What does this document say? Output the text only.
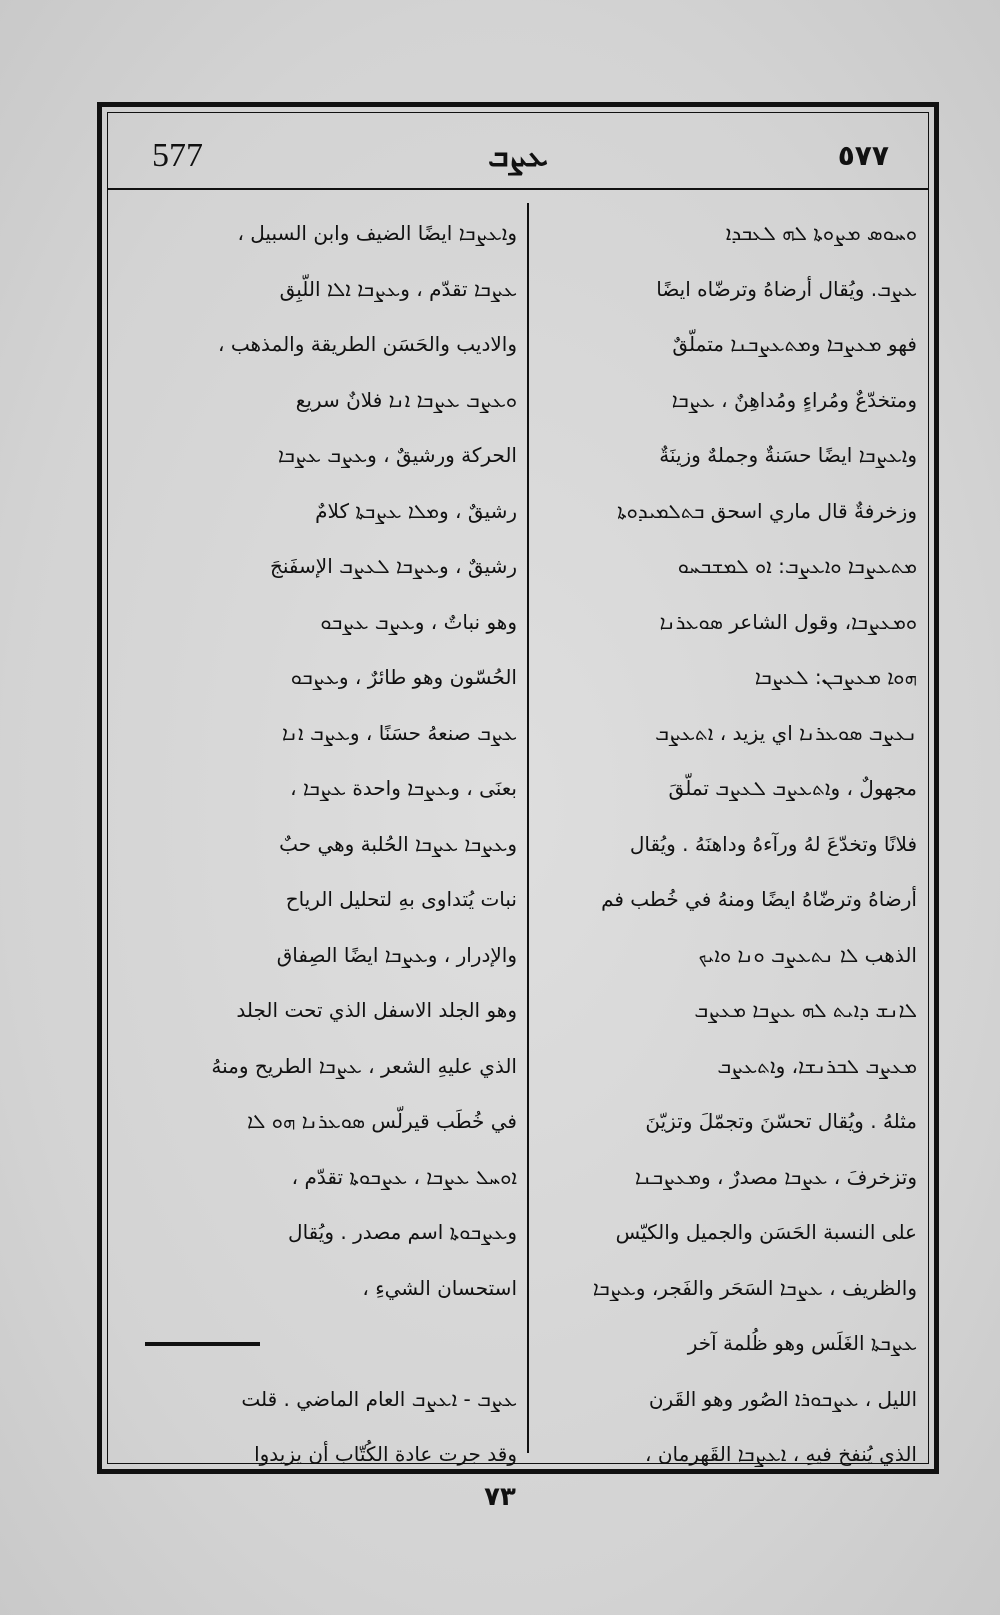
577	ܥܨܒ	٥٧٧
ܘܚܘܣ ܡܨܘܬܐ ܠܗ ܠܥܒܕܐ
ܥܨܒ. ويُقال أرضاهُ وترضّاه ايضًا
فهو ܡܥܨܒܐ وܡܬܥܨܒܢܐ متملّقٌ
ومتخدّعٌ ومُراءٍ ومُداهِنٌ ، ܥܨܒܐ
وܐܥܨܒܐ ايضًا حسَنةٌ وجملهٌ وزينَةٌ
وزخرفةٌ قال ماري اسحق ܒܬܠܡܝܕܘܬܐ
ܡܬܥܨܒܐ ܘܐܥܨܒ: ܐܘ ܠܡܫܒܚܘ
ܘܡܥܨܒܐ، وقول الشاعر ܣܘܥܪܢܐ
ܗܘܐ ܡܥܨܒܢ: ܠܥܨܒܐ
ܢܥܨܒ ܣܘܥܪܢܐ اي يزيد ، ܐܬܥܨܒ
مجهولٌ ، وܐܬܥܨܒ ܠܥܨܒ تملّقَ
فلانًا وتخدّعَ لهُ ورآءهُ وداهنَهُ . ويُقال
أرضاهُ وترضّاهُ ايضًا ومنهُ في خُطب فم
الذهب ܠܐ ܢܬܥܨܒ ܘܢܐ ܘܐܝܟ
ܠܐܢܫ ܕܐܝܬ ܠܗ ܥܨܒܐ ܡܥܨܒ
ܡܥܨܒ ܠܒܪܢܫܐ، وܐܬܥܨܒ
مثلهُ . ويُقال تحسّنَ وتجمّلَ وتزيّنَ
وتزخرفَ ، ܥܨܒܐ مصدرٌ ، وܡܥܨܒܢܐ
على النسبة الحَسَن والجميل والكيّس
والظريف ، ܥܨܒܐ السَحَر والفَجر، وܥܨܒܐ
ܥܨܒܬܐ الغَلَس وهو ظُلمة آخر
الليل ، ܥܨܒܘܪܐ الصُور وهو القَرن
الذي يُنفخ فيهِ ، ܐܥܨܒܐ القَهرمان ،
وܐܥܨܒܐ ايضًا الضيف وابن السبيل ،
ܥܨܒܐ تقدّم ، وܥܨܒܐ ܐܠܐ اللّبِق
والاديب والحَسَن الطريقة والمذهب ،
ܘܥܨܒ ܥܨܒܐ ܐܢܐ فلانٌ سريع
الحركة ورشيقٌ ، وܥܨܒ ܥܨܒܐ
رشيقٌ ، وܡܠܐ ܥܨܒܬܐ كلامٌ
رشيقٌ ، وܥܨܒܐ ܠܥܨܒ الإسفَنجَ
وهو نباتٌ ، وܥܨܒ ܥܨܒܘ
الحُسّون وهو طائرٌ ، وܥܨܒܘ
ܥܨܒ صنعهُ حسَنًا ، وܥܨܒ ܐܢܐ
بعنَى ، وܥܨܒܐ واحدة ܥܨܒܐ ،
وܥܨܒܐ ܥܨܒܐ الحُلبة وهي حبٌ
نبات يُتداوى بهِ لتحليل الرياح
والإدرار ، وܥܨܒܐ ايضًا الصِفاق
وهو الجلد الاسفل الذي تحت الجلد
الذي عليهِ الشعر ، ܥܨܒܐ الطريح ومنهُ
في خُطَب قيرلّس ܣܘܥܪܢܐ ܗܘ ܠܐ
ܐܘܚܠ ܥܨܒܐ ، ܥܨܒܘܬܐ تقدّم ،
وܥܨܒܘܬܐ اسم مصدر . ويُقال
استحسان الشيءِ ،
ܥܨܒ - ܐܥܨܒ العام الماضي . قلت
وقد جرت عادة الكُتّاب أن يزيدوا
٧٣
